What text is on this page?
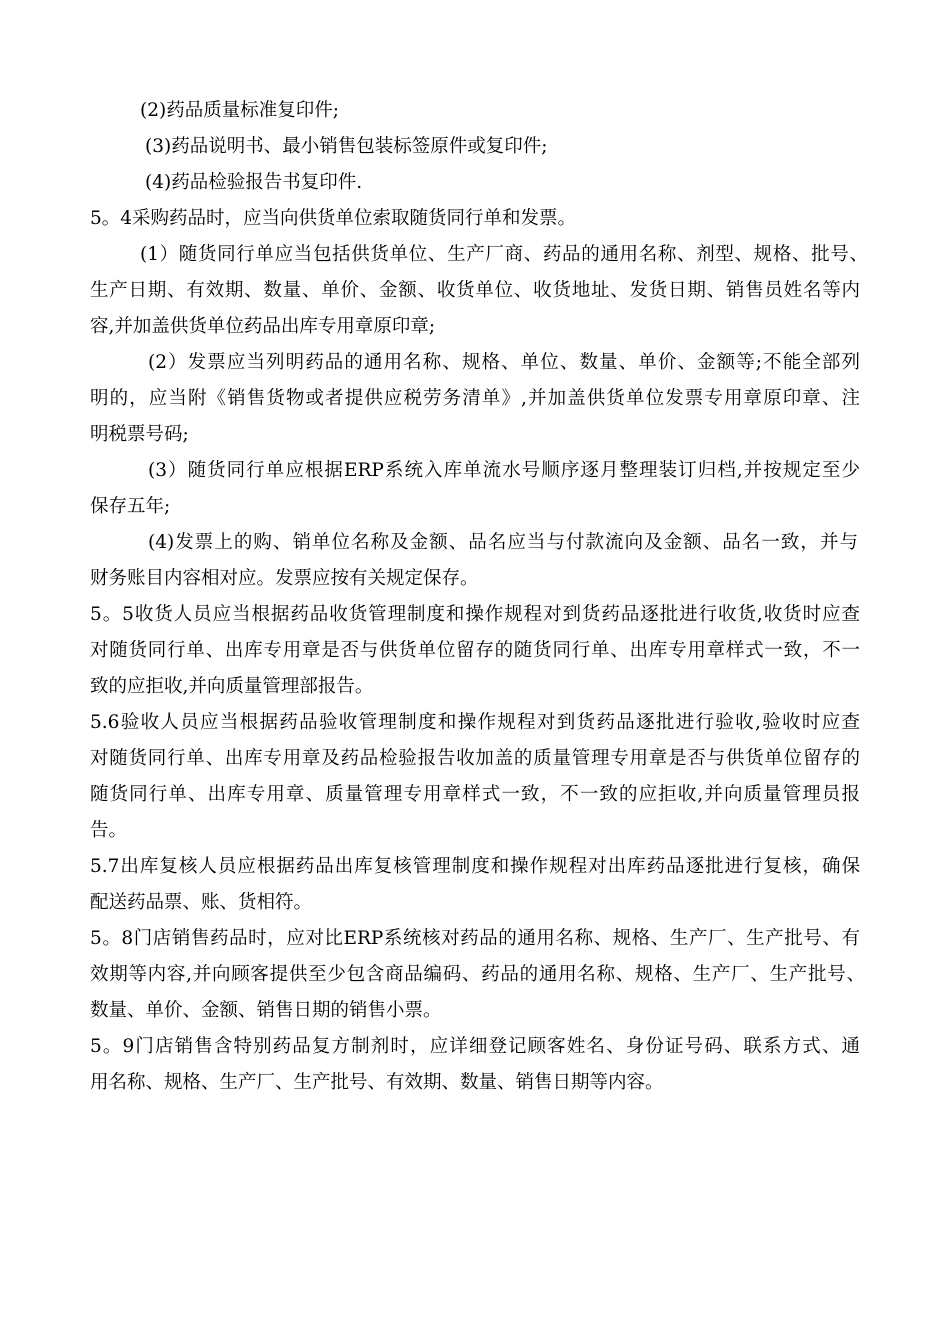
(2)药品质量标准复印件;
(3)药品说明书、最小销售包装标签原件或复印件;
(4)药品检验报告书复印件.
5。4采购药品时，应当向供货单位索取随货同行单和发票。
(1）随货同行单应当包括供货单位、生产厂商、药品的通用名称、剂型、规格、批号、
生产日期、有效期、数量、单价、金额、收货单位、收货地址、发货日期、销售员姓名等内
容,并加盖供货单位药品出库专用章原印章;
(2）发票应当列明药品的通用名称、规格、单位、数量、单价、金额等;不能全部列
明的，应当附《销售货物或者提供应税劳务清单》,并加盖供货单位发票专用章原印章、注
明税票号码;
(3）随货同行单应根据ERP系统入库单流水号顺序逐月整理装订归档,并按规定至少
保存五年;
(4)发票上的购、销单位名称及金额、品名应当与付款流向及金额、品名一致，并与
财务账目内容相对应。发票应按有关规定保存。
5。5收货人员应当根据药品收货管理制度和操作规程对到货药品逐批进行收货,收货时应查
对随货同行单、出库专用章是否与供货单位留存的随货同行单、出库专用章样式一致，不一
致的应拒收,并向质量管理部报告。
5.6验收人员应当根据药品验收管理制度和操作规程对到货药品逐批进行验收,验收时应查
对随货同行单、出库专用章及药品检验报告收加盖的质量管理专用章是否与供货单位留存的
随货同行单、出库专用章、质量管理专用章样式一致，不一致的应拒收,并向质量管理员报
告。
5.7出库复核人员应根据药品出库复核管理制度和操作规程对出库药品逐批进行复核，确保
配送药品票、账、货相符。
5。8门店销售药品时，应对比ERP系统核对药品的通用名称、规格、生产厂、生产批号、有
效期等内容,并向顾客提供至少包含商品编码、药品的通用名称、规格、生产厂、生产批号、
数量、单价、金额、销售日期的销售小票。
5。9门店销售含特别药品复方制剂时，应详细登记顾客姓名、身份证号码、联系方式、通
用名称、规格、生产厂、生产批号、有效期、数量、销售日期等内容。
